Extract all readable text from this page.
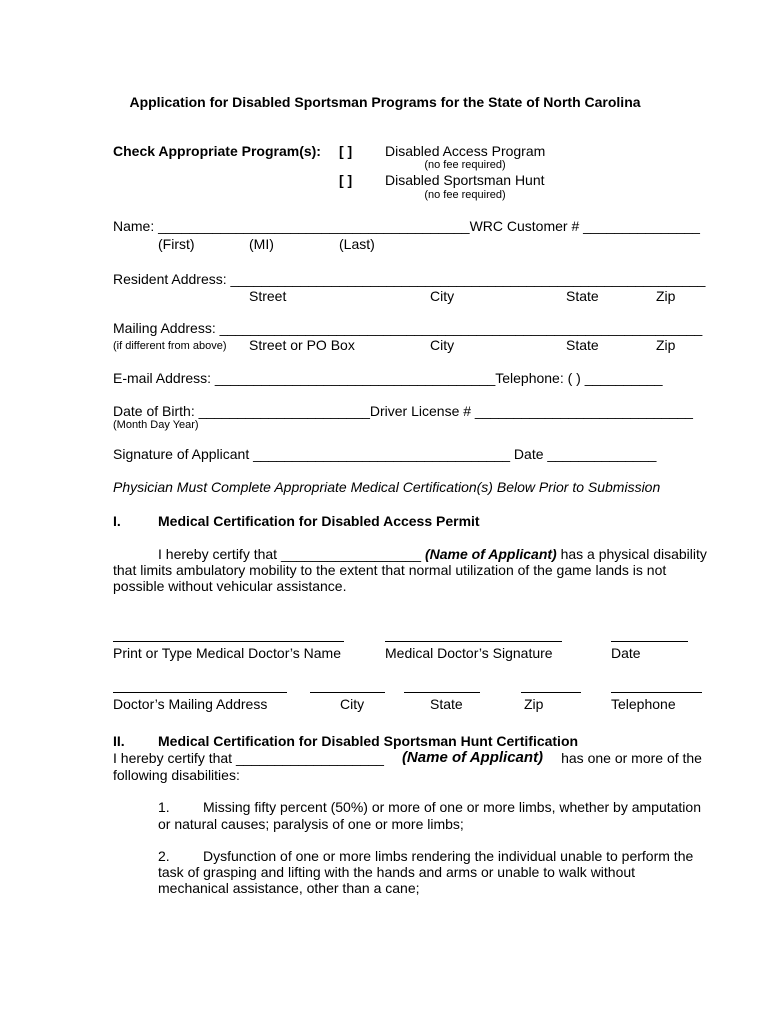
Application for Disabled Sportsman Programs for the State of North Carolina
Check Appropriate Program(s): [ ] Disabled Access Program
(no fee required)
[ ] Disabled Sportsman Hunt
(no fee required)
Name: ________________________________________WRC Customer # _______________
(First)	(MI)	(Last)
Resident Address: _____________________________________________________________
Street	City	State	Zip
Mailing Address: ______________________________________________________________
(if different from above) Street or PO Box	City	State	Zip
E-mail Address: ____________________________________Telephone: ( ) __________
Date of Birth: ______________________Driver License # ____________________________
(Month Day Year)
Signature of Applicant _________________________________ Date ______________
Physician Must Complete Appropriate Medical Certification(s) Below Prior to Submission
I.	Medical Certification for Disabled Access Permit
I hereby certify that __________________ (Name of Applicant) has a physical disability
that limits ambulatory mobility to the extent that normal utilization of the game lands is not
possible without vehicular assistance.
Print or Type Medical Doctor’s Name	Medical Doctor’s Signature	Date
Doctor’s Mailing Address	City	State	Zip	Telephone
II. Medical Certification for Disabled Sportsman Hunt Certification
I hereby certify that ___________________ (Name of Applicant) has one or more of the
following disabilities:
1. Missing fifty percent (50%) or more of one or more limbs, whether by amputation
or natural causes; paralysis of one or more limbs;
2. Dysfunction of one or more limbs rendering the individual unable to perform the
task of grasping and lifting with the hands and arms or unable to walk without
mechanical assistance, other than a cane;
